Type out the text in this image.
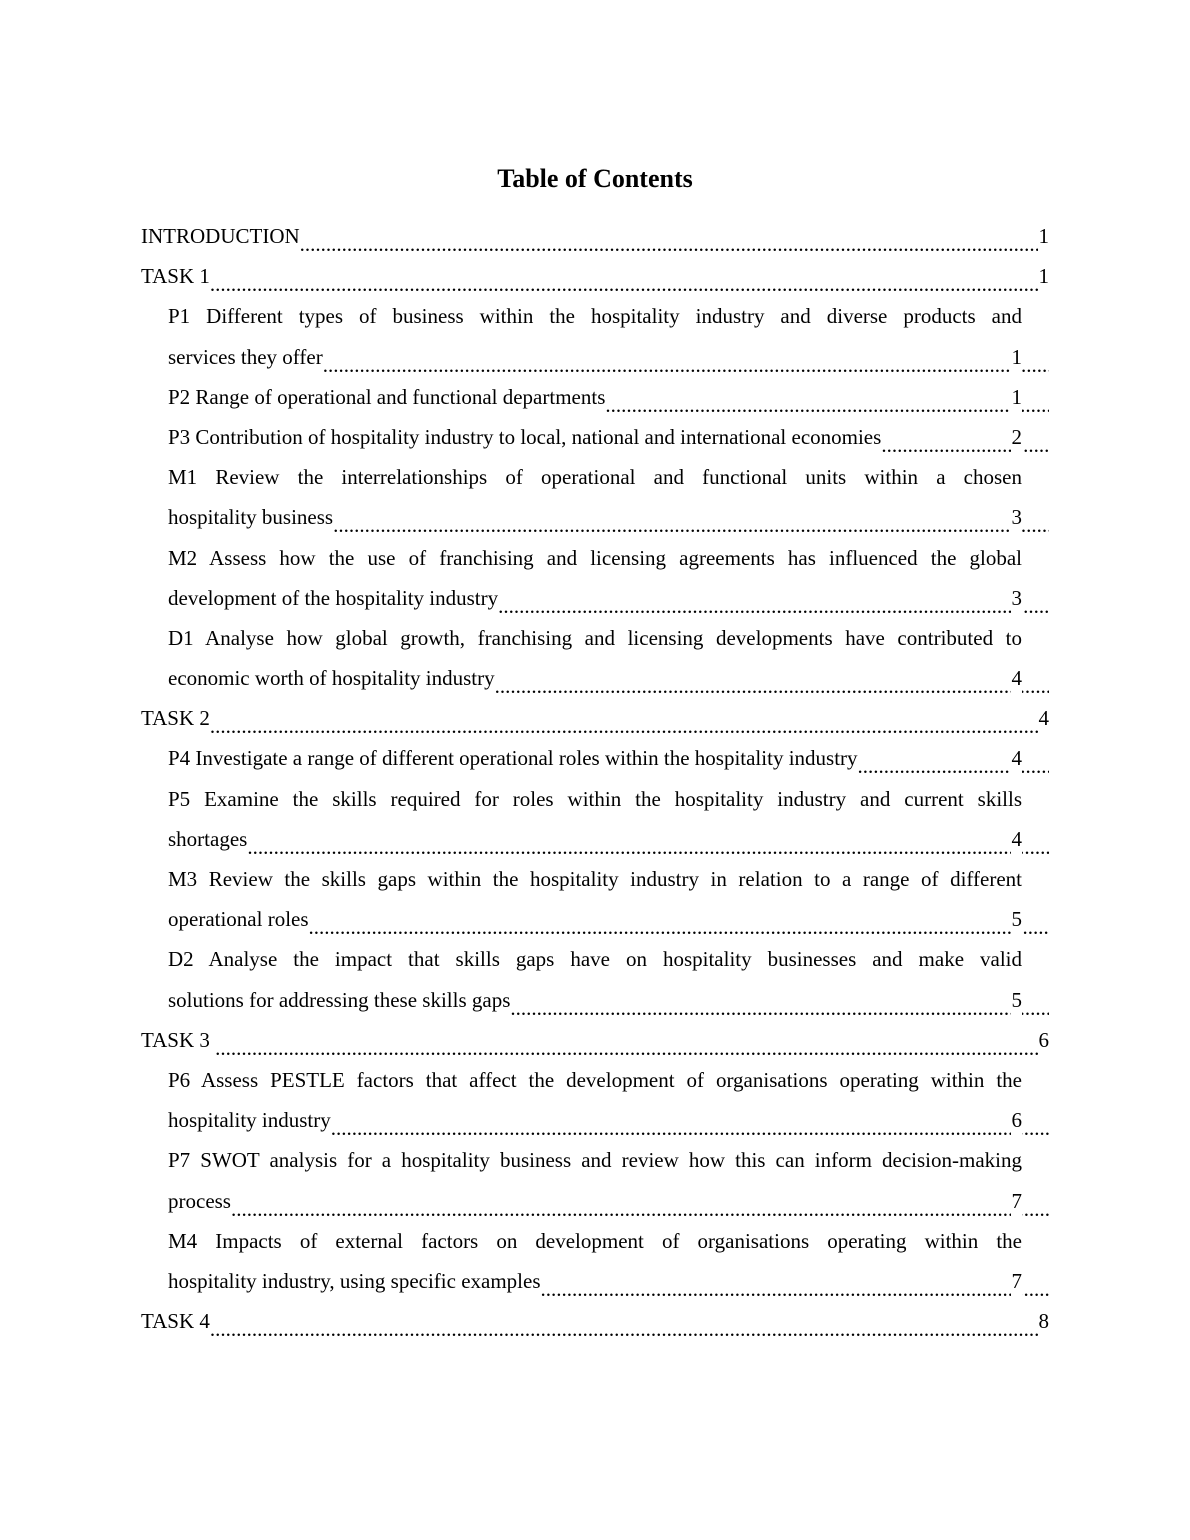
Table of Contents
INTRODUCTION .....	1
TASK 1 .....	1
P1 Different types of business within the hospitality industry and diverse products and
services they offer .....	1
P2 Range of operational and functional departments .....	1
P3 Contribution of hospitality industry to local, national and international economies .....	2
M1 Review the interrelationships of operational and functional units within a chosen
hospitality business .....	3
M2 Assess how the use of franchising and licensing agreements has influenced the global
development of the hospitality industry .....	3
D1 Analyse how global growth, franchising and licensing developments have contributed to
economic worth of hospitality industry .....	4
TASK 2 .....	4
P4 Investigate a range of different operational roles within the hospitality industry .....	4
P5 Examine the skills required for roles within the hospitality industry and current skills
shortages .....	4
M3 Review the skills gaps within the hospitality industry in relation to a range of different
operational roles .....	5
D2 Analyse the impact that skills gaps have on hospitality businesses and make valid
solutions for addressing these skills gaps .....	5
TASK 3  .....	6
P6 Assess PESTLE factors that affect the development of organisations operating within the
hospitality industry .....	6
P7 SWOT analysis for a hospitality business and review how this can inform decision-making
process .....	7
M4 Impacts of external factors on development of organisations operating within the
hospitality industry, using specific examples .....	7
TASK 4 .....	8
